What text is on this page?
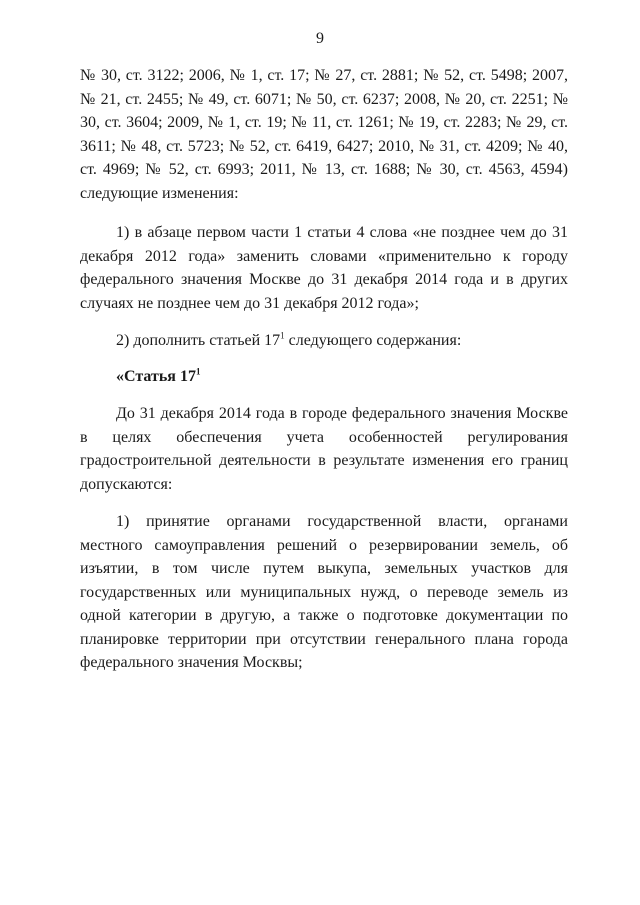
9

№ 30, ст. 3122; 2006, № 1, ст. 17; № 27, ст. 2881; № 52, ст. 5498; 2007, № 21, ст. 2455; № 49, ст. 6071; № 50, ст. 6237; 2008, № 20, ст. 2251; № 30, ст. 3604; 2009, № 1, ст. 19; № 11, ст. 1261; № 19, ст. 2283; № 29, ст. 3611; № 48, ст. 5723; № 52, ст. 6419, 6427; 2010, № 31, ст. 4209; № 40, ст. 4969; № 52, ст. 6993; 2011, № 13, ст. 1688; № 30, ст. 4563, 4594) следующие изменения:

1) в абзаце первом части 1 статьи 4 слова «не позднее чем до 31 декабря 2012 года» заменить словами «применительно к городу федерального значения Москве до 31 декабря 2014 года и в других случаях не позднее чем до 31 декабря 2012 года»;

2) дополнить статьей $17^1$ следующего содержания:

«Статья $17^1$

До 31 декабря 2014 года в городе федерального значения Москве в целях обеспечения учета особенностей регулирования градостроительной деятельности в результате изменения его границ допускаются:

1) принятие органами государственной власти, органами местного самоуправления решений о резервировании земель, об изъятии, в том числе путем выкупа, земельных участков для государственных или муниципальных нужд, о переводе земель из одной категории в другую, а также о подготовке документации по планировке территории при отсутствии генерального плана города федерального значения Москвы;
